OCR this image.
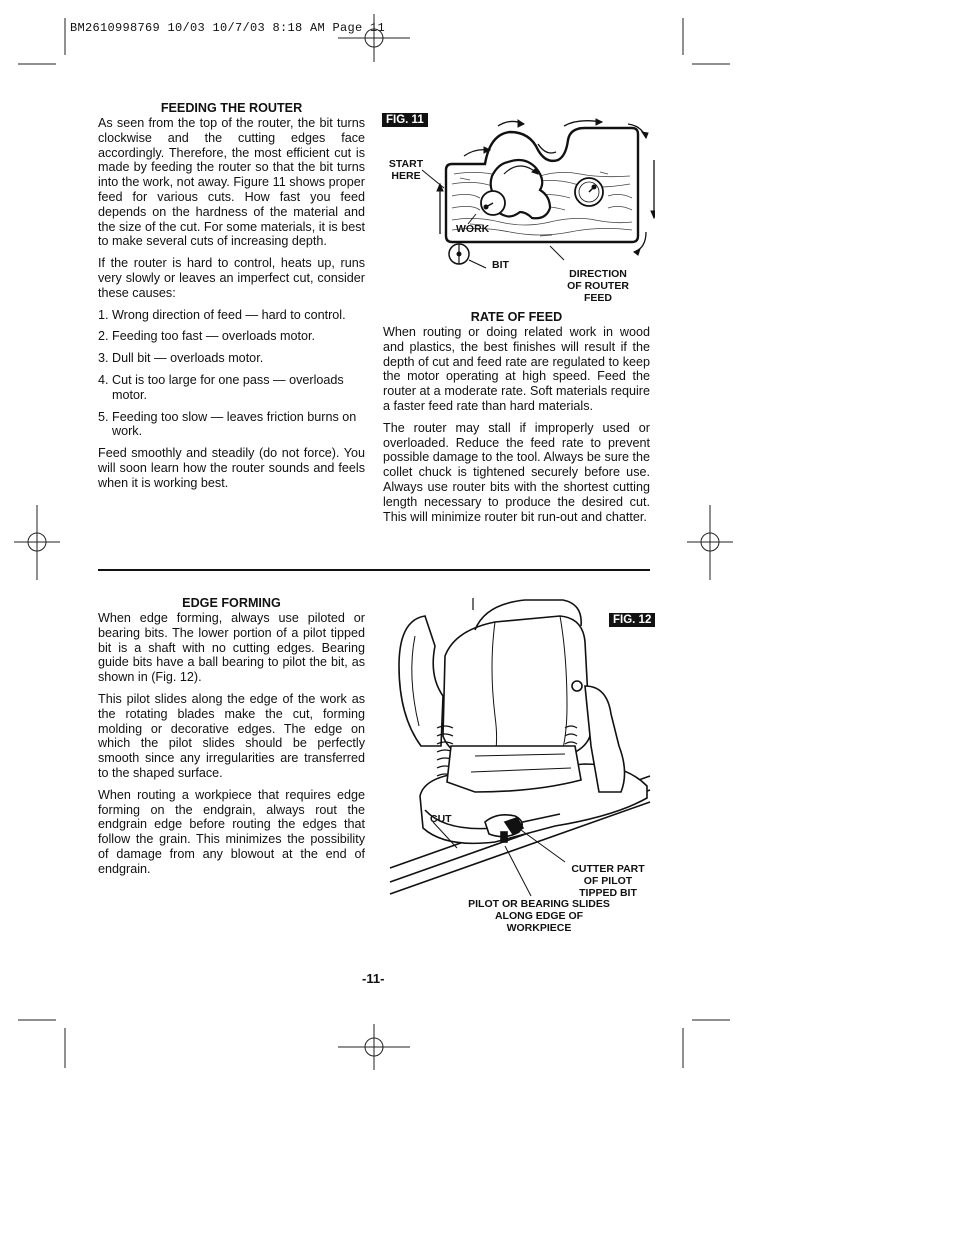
BM2610998769 10/03 10/7/03 8:18 AM Page 11
FEEDING THE ROUTER

As seen from the top of the router, the bit turns clockwise and the cutting edges face accordingly. Therefore, the most efficient cut is made by feeding the router so that the bit turns into the work, not away. Figure 11 shows proper feed for various cuts. How fast you feed depends on the hardness of the material and the size of the cut. For some materials, it is best to make several cuts of increasing depth.

If the router is hard to control, heats up, runs very slowly or leaves an imperfect cut, consider these causes:

1. Wrong direction of feed — hard to control.
2. Feeding too fast — overloads motor.
3. Dull bit — overloads motor.
4. Cut is too large for one pass — overloads motor.
5. Feeding too slow — leaves friction burns on work.

Feed smoothly and steadily (do not force). You will soon learn how the router sounds and feels when it is working best.

FIG. 11
START HERE
WORK
BIT
DIRECTION OF ROUTER FEED
RATE OF FEED

When routing or doing related work in wood and plastics, the best finishes will result if the depth of cut and feed rate are regulated to keep the motor operating at high speed. Feed the router at a moderate rate. Soft materials require a faster feed rate than hard materials.

The router may stall if improperly used or overloaded. Reduce the feed rate to prevent possible damage to the tool. Always be sure the collet chuck is tightened securely before use. Always use router bits with the shortest cutting length necessary to produce the desired cut. This will minimize router bit run-out and chatter.

EDGE FORMING

When edge forming, always use piloted or bearing bits. The lower portion of a pilot tipped bit is a shaft with no cutting edges. Bearing guide bits have a ball bearing to pilot the bit, as shown in (Fig. 12).

This pilot slides along the edge of the work as the rotating blades make the cut, forming molding or decorative edges. The edge on which the pilot slides should be perfectly smooth since any irregularities are transferred to the shaped surface.

When routing a workpiece that requires edge forming on the endgrain, always rout the endgrain edge before routing the edges that follow the grain. This minimizes the possibility of damage from any blowout at the end of endgrain.

FIG. 12
CUT
CUTTER PART OF PILOT TIPPED BIT
PILOT OR BEARING SLIDES ALONG EDGE OF WORKPIECE
-11-
